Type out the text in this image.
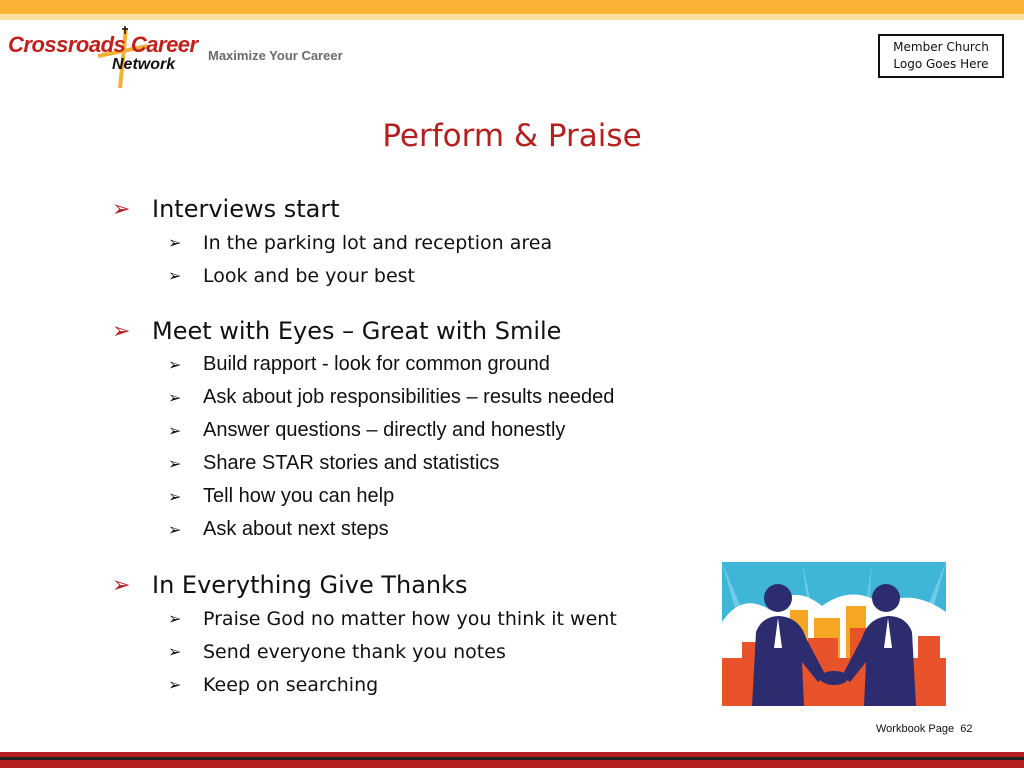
Crossroads Career
Network
Maximize Your Career
Member Church
Logo Goes Here
Perform & Praise
➢ Interviews start
➢	In the parking lot and reception area
➢	Look and be your best
➢ Meet with Eyes – Great with Smile
➢	Build rapport - look for common ground
➢	Ask about job responsibilities – results needed
➢	Answer questions – directly and honestly
➢	Share STAR stories and statistics
➢	Tell how you can help
➢	Ask about next steps
➢ In Everything Give Thanks
➢	Praise God no matter how you think it went
➢	Send everyone thank you notes
➢	Keep on searching
Workbook Page 62
